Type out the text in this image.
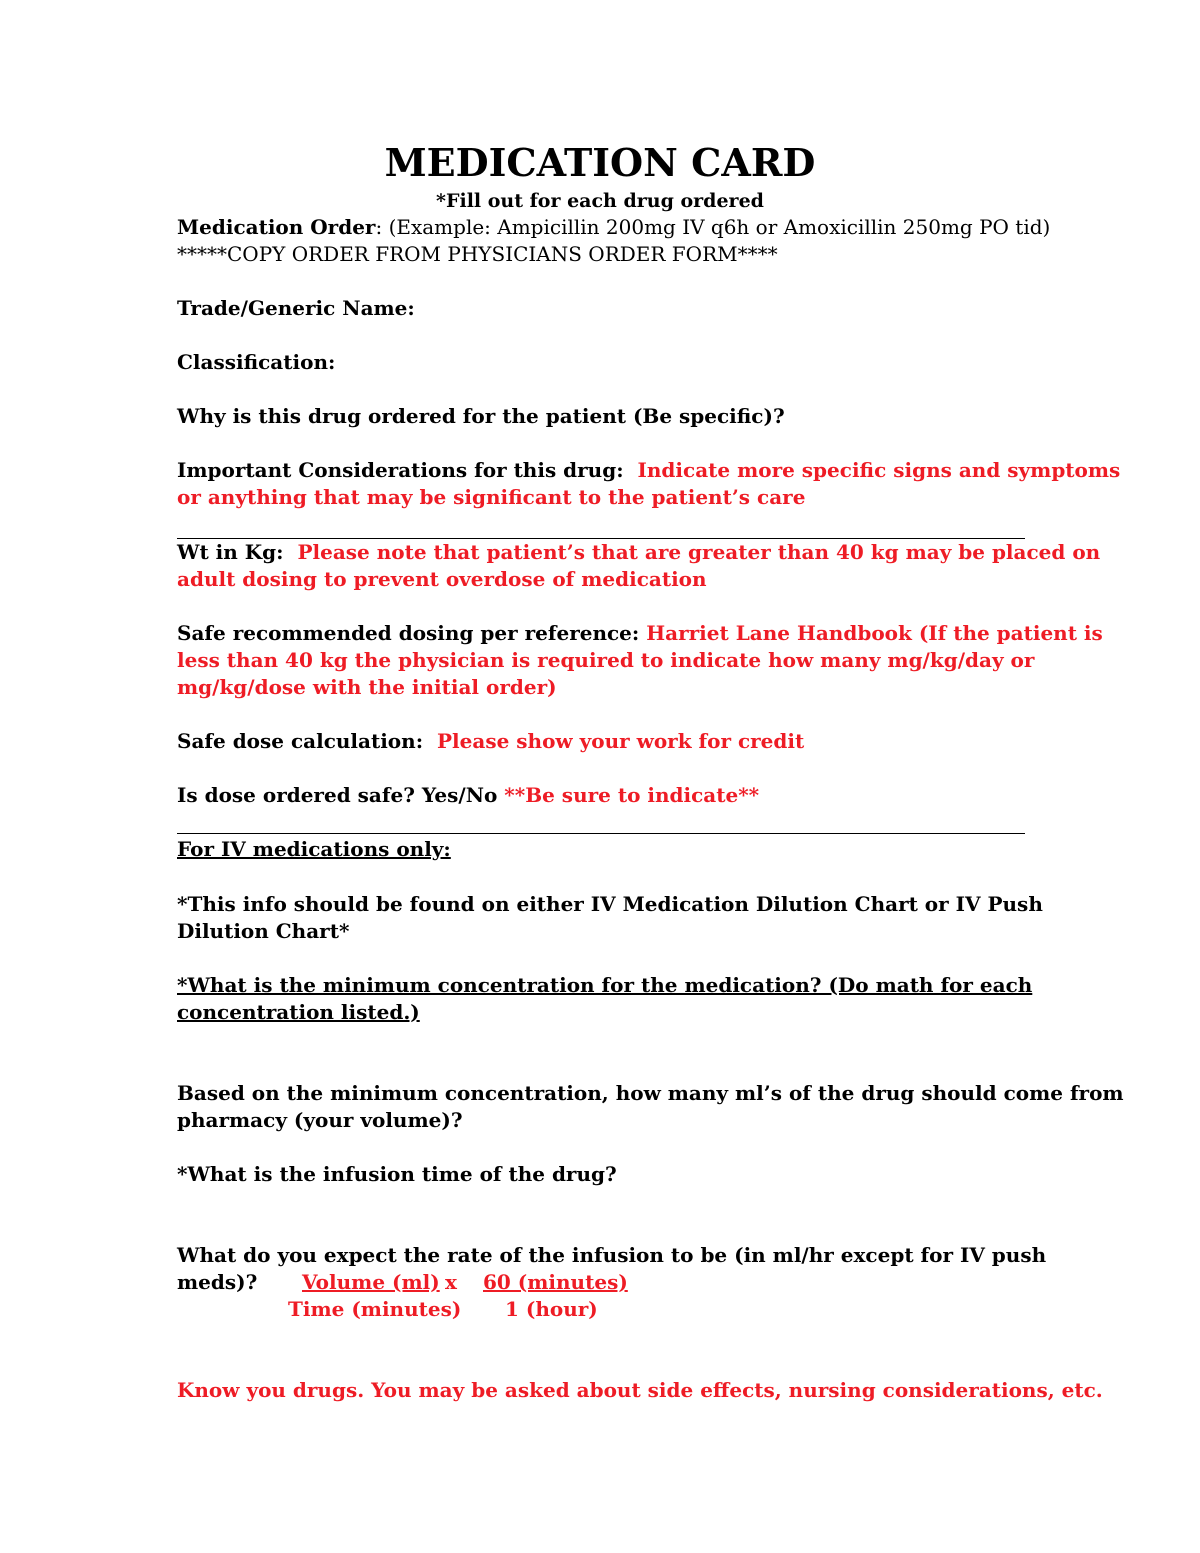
MEDICATION CARD

*Fill out for each drug ordered

Medication Order: (Example: Ampicillin 200mg IV q6h or Amoxicillin 250mg PO tid)

*****COPY ORDER FROM PHYSICIANS ORDER FORM****

Trade/Generic Name:

Classification:

Why is this drug ordered for the patient (Be specific)?

Important Considerations for this drug: Indicate more specific signs and symptoms

or anything that may be significant to the patient’s care

Wt in Kg: Please note that patient’s that are greater than 40 kg may be placed on

adult dosing to prevent overdose of medication

Safe recommended dosing per reference: Harriet Lane Handbook (If the patient is

less than 40 kg the physician is required to indicate how many mg/kg/day or

mg/kg/dose with the initial order)

Safe dose calculation: Please show your work for credit

Is dose ordered safe? Yes/No **Be sure to indicate**

For IV medications only:

*This info should be found on either IV Medication Dilution Chart or IV Push

Dilution Chart*

*What is the minimum concentration for the medication? (Do math for each

concentration listed.)

Based on the minimum concentration, how many ml’s of the drug should come from

pharmacy (your volume)?

*What is the infusion time of the drug?

What do you expect the rate of the infusion to be (in ml/hr except for IV push

meds)? Volume (ml) x 60 (minutes)

Time (minutes) 1 (hour)

Know you drugs. You may be asked about side effects, nursing considerations, etc.
